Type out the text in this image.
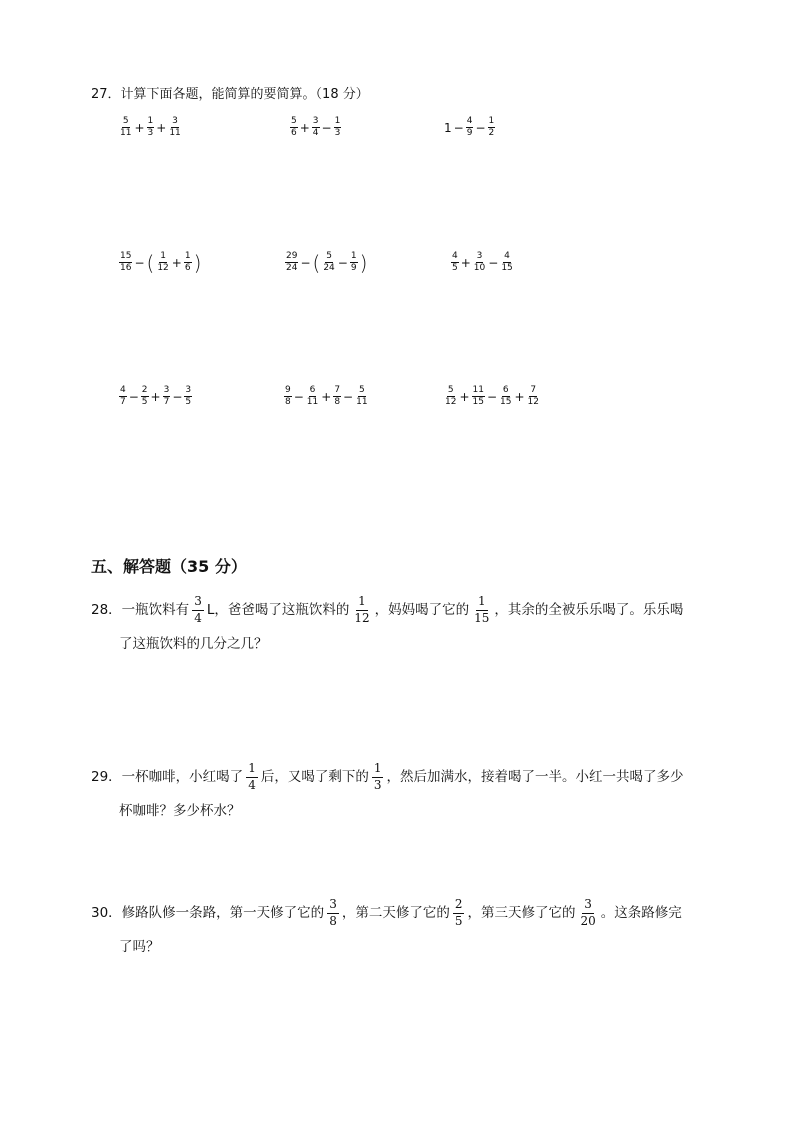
27．计算下面各题，能简算的要简算。（18 分）
$\frac{5}{11} + \frac{1}{3} + \frac{3}{11}$	$\frac{5}{6} + \frac{3}{4} - \frac{1}{3}$	$1 - \frac{4}{9} - \frac{1}{2}$
$\frac{15}{16}$ − ( $\frac{1}{12} + \frac{1}{6}$ )	$\frac{29}{24}$ − ( $\frac{5}{24} - \frac{1}{9}$ )	$\frac{4}{5} + \frac{3}{10} - \frac{4}{15}$
$\frac{4}{7} - \frac{2}{5} + \frac{3}{7} - \frac{3}{5}$	$\frac{9}{8} - \frac{6}{11} + \frac{7}{8} - \frac{5}{11}$	$\frac{5}{12} + \frac{11}{15} - \frac{6}{15} + \frac{7}{12}$
五、解答题（35 分）
28．一瓶饮料有 $\frac{3}{4}$ L，爸爸喝了这瓶饮料的 $\frac{1}{12}$ ，妈妈喝了它的 $\frac{1}{15}$ ，其余的全被乐乐喝了。乐乐喝
了这瓶饮料的几分之几？
29．一杯咖啡，小红喝了 $\frac{1}{4}$ 后，又喝了剩下的 $\frac{1}{3}$ ，然后加满水，接着喝了一半。小红一共喝了多少
杯咖啡？多少杯水？
30．修路队修一条路，第一天修了它的 $\frac{3}{8}$ ，第二天修了它的 $\frac{2}{5}$ ，第三天修了它的 $\frac{3}{20}$ 。这条路修完
了吗？
